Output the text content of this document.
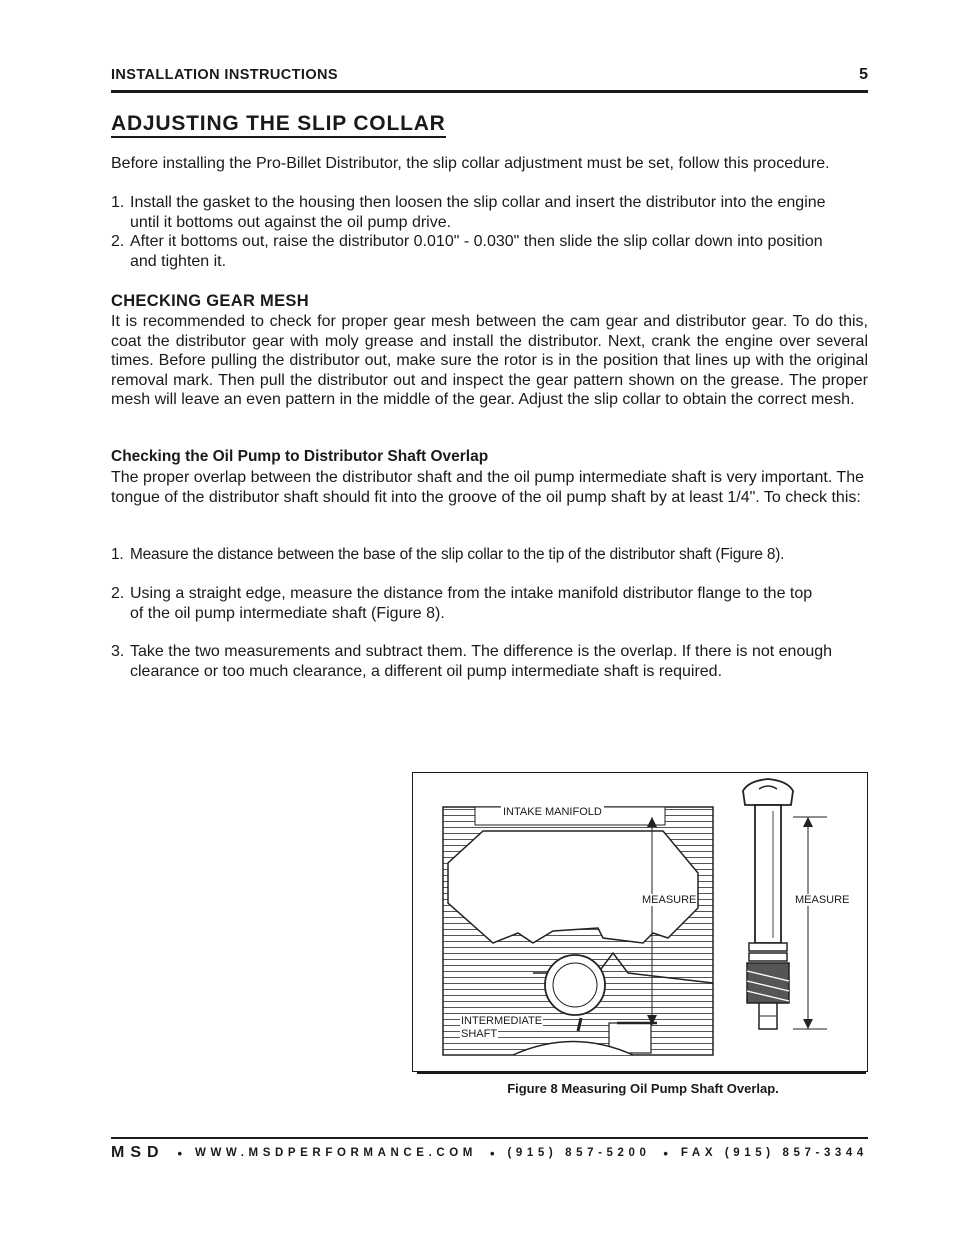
INSTALLATION INSTRUCTIONS	5
ADJUSTING THE SLIP COLLAR

Before installing the Pro-Billet Distributor, the slip collar adjustment must be set, follow this procedure.

1. Install the gasket to the housing then loosen the slip collar and insert the distributor into the engine
until it bottoms out against the oil pump drive.
2. After it bottoms out, raise the distributor 0.010" - 0.030" then slide the slip collar down into position
and tighten it.
CHECKING GEAR MESH

It is recommended to check for proper gear mesh between the cam gear and distributor gear. To do this, coat the distributor gear with moly grease and install the distributor. Next, crank the engine over several times. Before pulling the distributor out, make sure the rotor is in the position that lines up with the original removal mark. Then pull the distributor out and inspect the gear pattern shown on the grease. The proper mesh will leave an even pattern in the middle of the gear. Adjust the slip collar to obtain the correct mesh.

Checking the Oil Pump to Distributor Shaft Overlap

The proper overlap between the distributor shaft and the oil pump intermediate shaft is very important. The tongue of the distributor shaft should fit into the groove of the oil pump shaft by at least 1/4". To check this:

1. Measure the distance between the base of the slip collar to the tip of the distributor shaft (Figure 8).
2. Using a straight edge, measure the distance from the intake manifold distributor flange to the top
of the oil pump intermediate shaft (Figure 8).
3. Take the two measurements and subtract them. The difference is the overlap. If there is not enough
clearance or too much clearance, a different oil pump intermediate shaft is required.
INTAKE MANIFOLD
MEASURE	MEASURE
INTERMEDIATE
SHAFT
Figure 8 Measuring Oil Pump Shaft Overlap.
MSD • WWW.MSDPERFORMANCE.COM • (915) 857-5200 • FAX (915) 857-3344
